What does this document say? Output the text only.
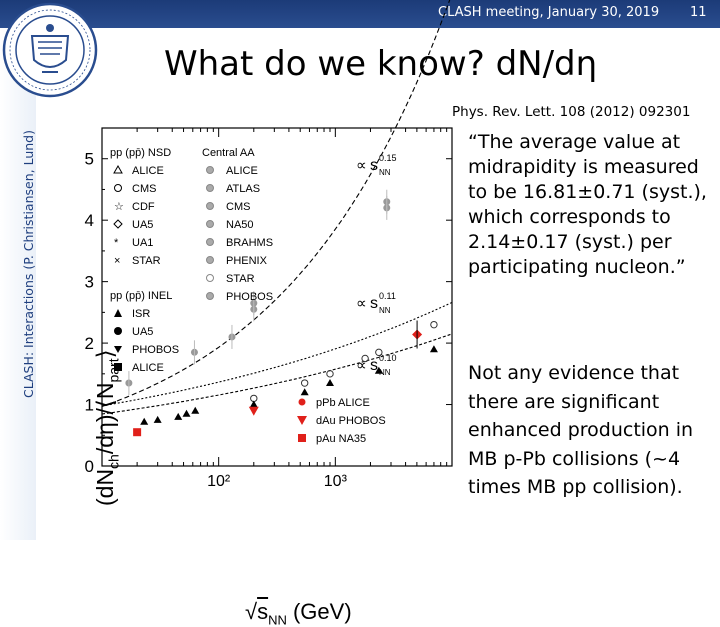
CLASH: Interactions (P. Christiansen, Lund)
CLASH meeting, January 30, 2019 11
What do we know? dN/dη
Phys. Rev. Lett. 108 (2012) 092301
“The average value at midrapidity is measured to be 16.81±0.71 (syst.), which corresponds to 2.14±0.17 (syst.) per participating nucleon.”
Not any evidence that there are significant enhanced production in MB p-Pb collisions (~4 times MB pp collision).
0
1
2
3
4
5
10²	10³
pp (pp̄) NSD
ALICE
CMS
☆ CDF
UA5
* UA1
× STAR
pp (pp̄) INEL
ISR
UA5
PHOBOS
ALICE
Central AA
ALICE
ATLAS
CMS
NA50
BRAHMS
PHENIX
STAR
PHOBOS
pPb ALICE
dAu PHOBOS
pAu NA35
∝ s NN
0.15
∝ s NN
0.11
∝ s NN
0.10
$(dN_{ch}/d\eta)/⟨N_{part}⟩$
$√s_{NN}$ (GeV)
